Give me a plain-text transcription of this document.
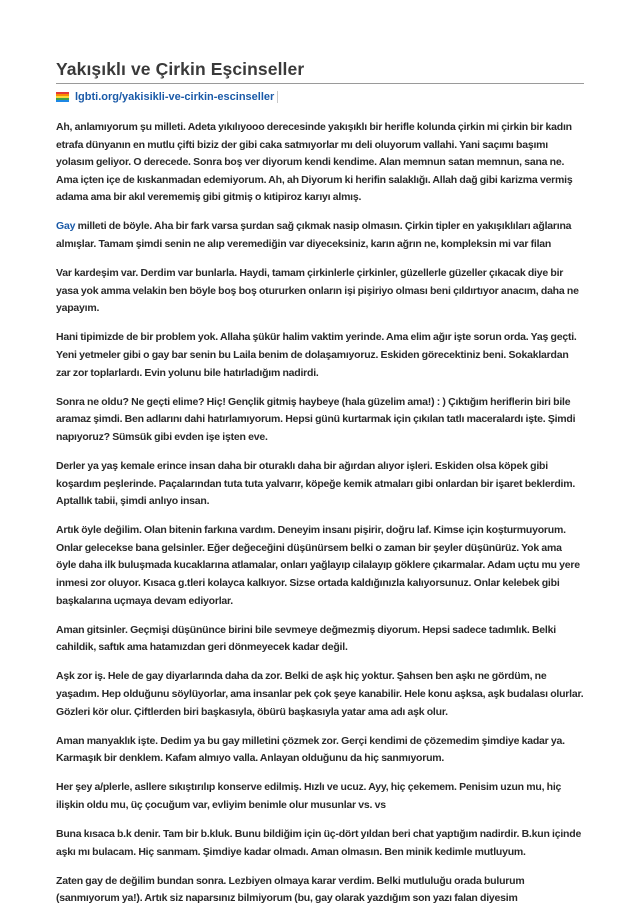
Yakışıklı ve Çirkin Eşcinseller
lgbti.org/yakisikli-ve-cirkin-escinseller

Ah, anlamıyorum şu milleti. Adeta yıkılıyooo derecesinde yakışıklı bir herifle kolunda çirkin mi çirkin bir kadın etrafa dünyanın en mutlu çifti biziz der gibi caka satmıyorlar mı deli oluyorum vallahi. Yani saçımı başımı yolasım geliyor. O derecede. Sonra boş ver diyorum kendi kendime. Alan memnun satan memnun, sana ne. Ama içten içe de kıskanmadan edemiyorum. Ah, ah Diyorum ki herifin salaklığı. Allah dağ gibi karizma vermiş adama ama bir akıl verememiş gibi gitmiş o kıtipiroz karıyı almış.

Gay milleti de böyle. Aha bir fark varsa şurdan sağ çıkmak nasip olmasın. Çirkin tipler en yakışıklıları ağlarına almışlar. Tamam şimdi senin ne alıp veremediğin var diyeceksiniz, karın ağrın ne, kompleksin mi var filan

Var kardeşim var. Derdim var bunlarla. Haydi, tamam çirkinlerle çirkinler, güzellerle güzeller çıkacak diye bir yasa yok amma velakin ben böyle boş boş otururken onların işi pişiriyo olması beni çıldırtıyor anacım, daha ne yapayım.

Hani tipimizde de bir problem yok. Allaha şükür halim vaktim yerinde. Ama elim ağır işte sorun orda. Yaş geçti. Yeni yetmeler gibi o gay bar senin bu Laila benim de dolaşamıyoruz. Eskiden görecektiniz beni. Sokaklardan zar zor toplarlardı. Evin yolunu bile hatırladığım nadirdi.

Sonra ne oldu? Ne geçti elime? Hiç! Gençlik gitmiş haybeye (hala güzelim ama!) : ) Çıktığım heriflerin biri bile aramaz şimdi. Ben adlarını dahi hatırlamıyorum. Hepsi günü kurtarmak için çıkılan tatlı maceralardı işte. Şimdi napıyoruz? Sümsük gibi evden işe işten eve.

Derler ya yaş kemale erince insan daha bir oturaklı daha bir ağırdan alıyor işleri. Eskiden olsa köpek gibi koşardım peşlerinde. Paçalarından tuta tuta yalvarır, köpeğe kemik atmaları gibi onlardan bir işaret beklerdim. Aptallık tabii, şimdi anlıyo insan.

Artık öyle değilim. Olan bitenin farkına vardım. Deneyim insanı pişirir, doğru laf. Kimse için koşturmuyorum. Onlar gelecekse bana gelsinler. Eğer değeceğini düşünürsem belki o zaman bir şeyler düşünürüz. Yok ama öyle daha ilk buluşmada kucaklarına atlamalar, onları yağlayıp cilalayıp göklere çıkarmalar. Adam uçtu mu yere inmesi zor oluyor. Kısaca g.tleri kolayca kalkıyor. Sizse ortada kaldığınızla kalıyorsunuz. Onlar kelebek gibi başkalarına uçmaya devam ediyorlar.

Aman gitsinler. Geçmişi düşününce birini bile sevmeye değmezmiş diyorum. Hepsi sadece tadımlık. Belki cahildik, saftık ama hatamızdan geri dönmeyecek kadar değil.

Aşk zor iş. Hele de gay diyarlarında daha da zor. Belki de aşk hiç yoktur. Şahsen ben aşkı ne gördüm, ne yaşadım. Hep olduğunu söylüyorlar, ama insanlar pek çok şeye kanabilir. Hele konu aşksa, aşk budalası olurlar. Gözleri kör olur. Çiftlerden biri başkasıyla, öbürü başkasıyla yatar ama adı aşk olur.

Aman manyaklık işte. Dedim ya bu gay milletini çözmek zor. Gerçi kendimi de çözemedim şimdiye kadar ya. Karmaşık bir denklem. Kafam almıyo valla. Anlayan olduğunu da hiç sanmıyorum.

Her şey a/plerle, asllere sıkıştırılıp konserve edilmiş. Hızlı ve ucuz. Ayy, hiç çekemem. Penisim uzun mu, hiç ilişkin oldu mu, üç çocuğum var, evliyim benimle olur musunlar vs. vs

Buna kısaca b.k denir. Tam bir b.kluk. Bunu bildiğim için üç-dört yıldan beri chat yaptığım nadirdir. B.kun içinde aşkı mı bulacam. Hiç sanmam. Şimdiye kadar olmadı. Aman olmasın. Ben minik kedimle mutluyum.

Zaten gay de değilim bundan sonra. Lezbiyen olmaya karar verdim. Belki mutluluğu orada bulurum (sanmıyorum ya!). Artık siz naparsınız bilmiyorum (bu, gay olarak yazdığım son yazı falan diyesim
